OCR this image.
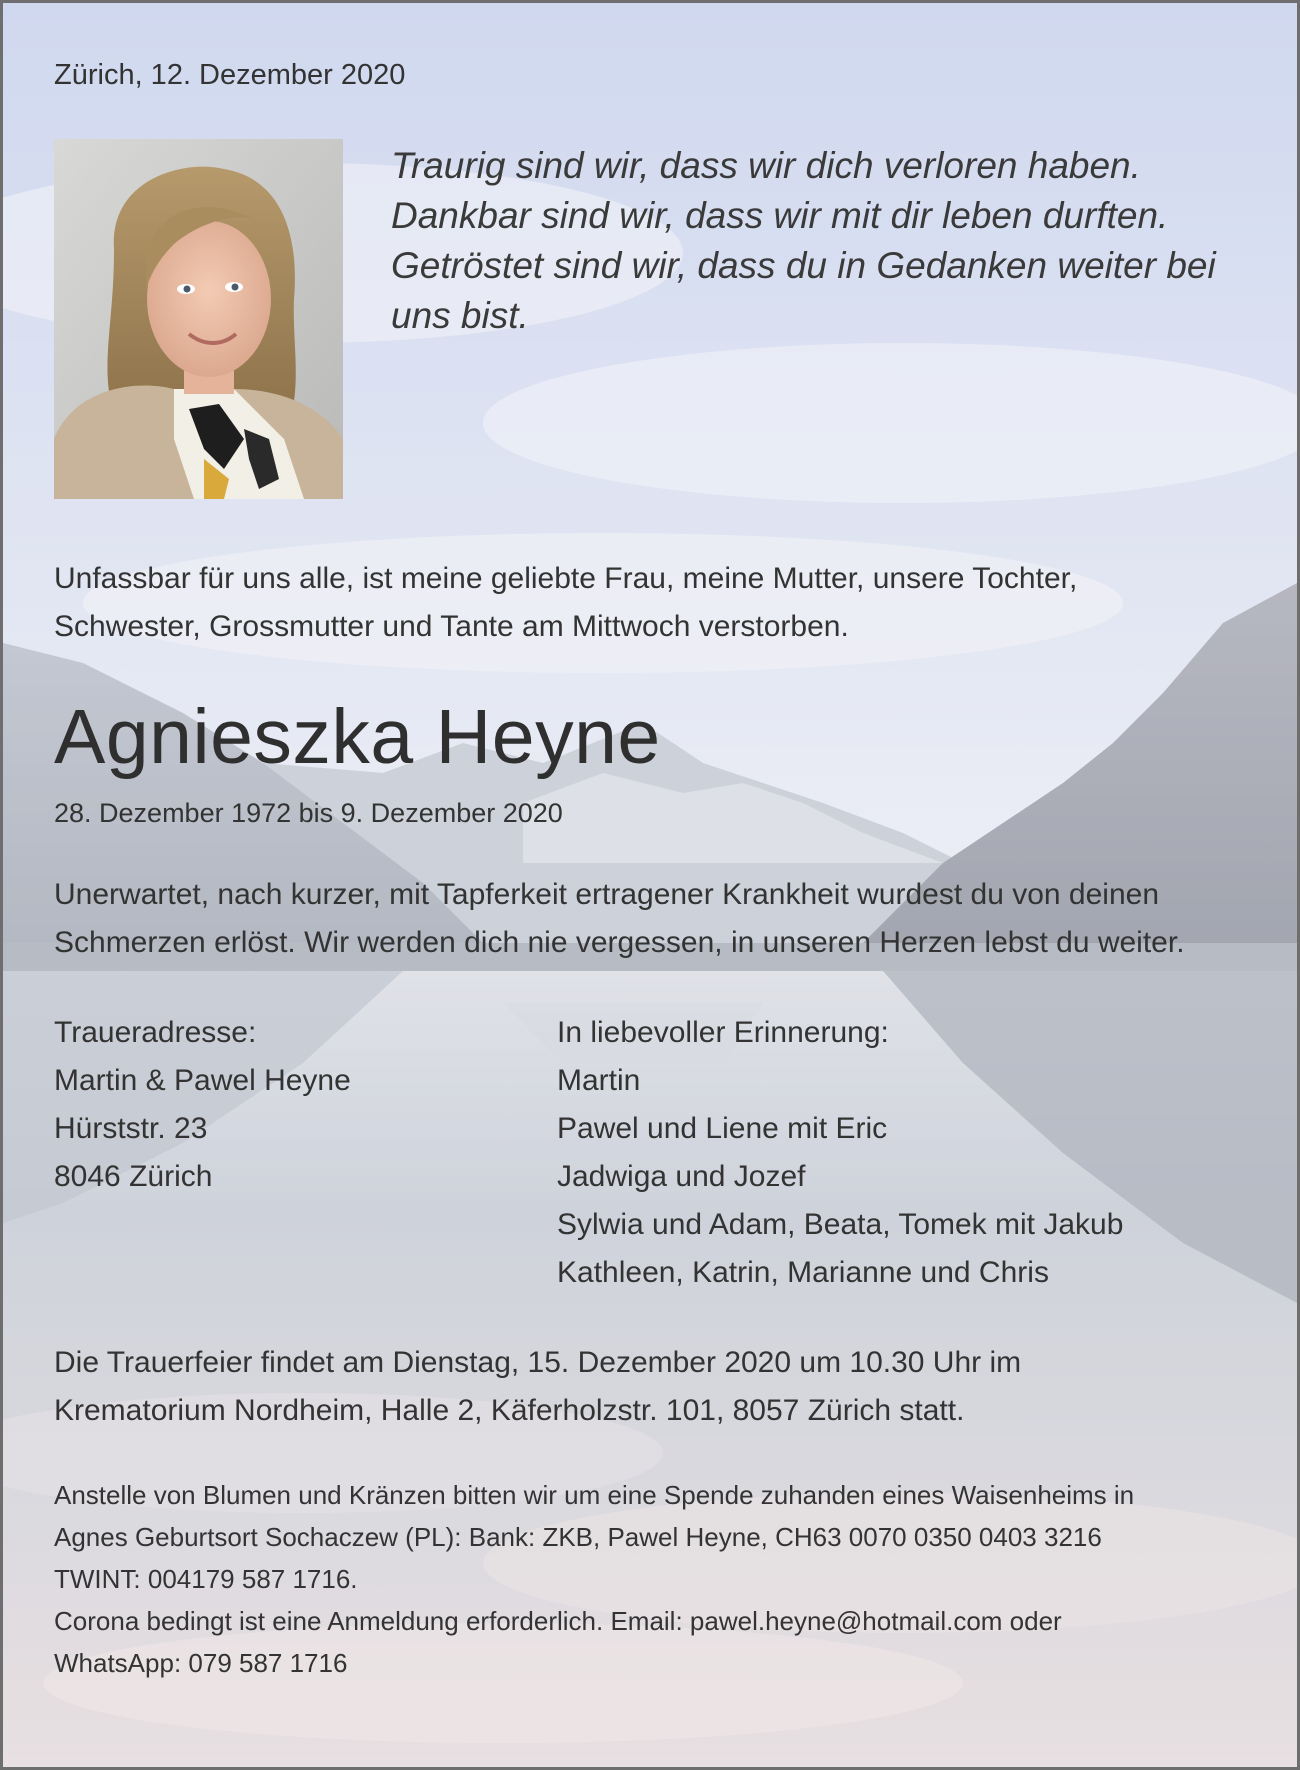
Zürich, 12. Dezember 2020

Traurig sind wir, dass wir dich verloren haben.
Dankbar sind wir, dass wir mit dir leben durften.
Getröstet sind wir, dass du in Gedanken weiter bei
uns bist.
Unfassbar für uns alle, ist meine geliebte Frau, meine Mutter, unsere Tochter,
Schwester, Grossmutter und Tante am Mittwoch verstorben.
Agnieszka Heyne

28. Dezember 1972 bis 9. Dezember 2020

Unerwartet, nach kurzer, mit Tapferkeit ertragener Krankheit wurdest du von deinen
Schmerzen erlöst. Wir werden dich nie vergessen, in unseren Herzen lebst du weiter.
Traueradresse:
Martin & Pawel Heyne
Hürststr. 23
8046 Zürich
In liebevoller Erinnerung:
Martin
Pawel und Liene mit Eric
Jadwiga und Jozef
Sylwia und Adam, Beata, Tomek mit Jakub
Kathleen, Katrin, Marianne und Chris
Die Trauerfeier findet am Dienstag, 15. Dezember 2020 um 10.30 Uhr im
Krematorium Nordheim, Halle 2, Käferholzstr. 101, 8057 Zürich statt.
Anstelle von Blumen und Kränzen bitten wir um eine Spende zuhanden eines Waisenheims in
Agnes Geburtsort Sochaczew (PL): Bank: ZKB, Pawel Heyne, CH63 0070 0350 0403 3216
TWINT: 004179 587 1716.
Corona bedingt ist eine Anmeldung erforderlich. Email: pawel.heyne@hotmail.com oder
WhatsApp: 079 587 1716
